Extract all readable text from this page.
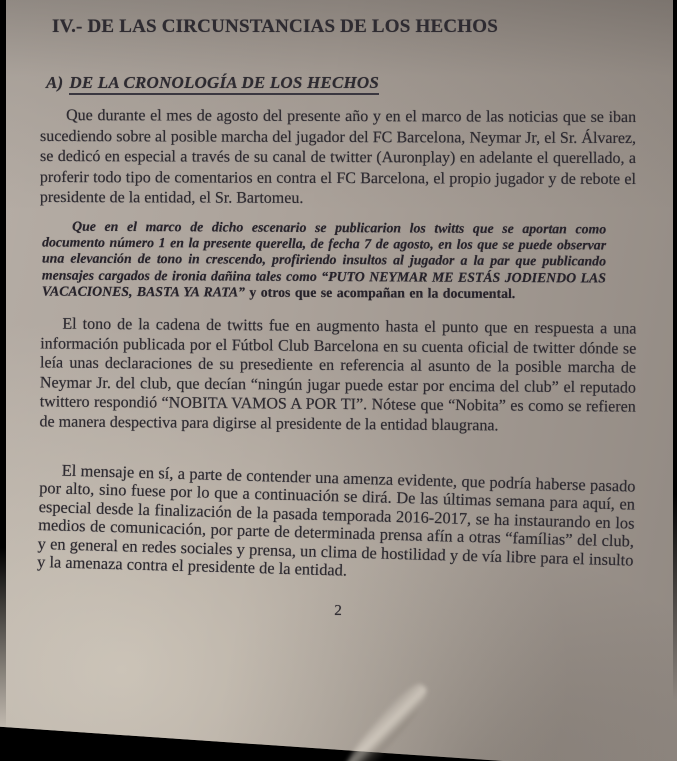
IV.- DE LAS CIRCUNSTANCIAS DE LOS HECHOS
A) DE LA CRONOLOGÍA DE LOS HECHOS

Que durante el mes de agosto del presente año y en el marco de las noticias que se iban sucediendo sobre al posible marcha del jugador del FC Barcelona, Neymar Jr, el Sr. Álvarez, se dedicó en especial a través de su canal de twitter (Auronplay) en adelante el querellado, a proferir todo tipo de comentarios en contra el FC Barcelona, el propio jugador y de rebote el presidente de la entidad, el Sr. Bartomeu.

Que en el marco de dicho escenario se publicarion los twitts que se aportan como documento número 1 en la presente querella, de fecha 7 de agosto, en los que se puede observar una elevanción de tono in crescendo, profiriendo insultos al jugador a la par que publicando mensajes cargados de ironia dañina tales como “PUTO NEYMAR ME ESTÁS JODIENDO LAS VACACIONES, BASTA YA RATA” y otros que se acompañan en la documental.

El tono de la cadena de twitts fue en augmento hasta el punto que en respuesta a una información publicada por el Fútbol Club Barcelona en su cuenta oficial de twitter dónde se leía unas declaraciones de su presediente en referencia al asunto de la posible marcha de Neymar Jr. del club, que decían “ningún jugar puede estar por encima del club” el reputado twittero respondió “NOBITA VAMOS A POR TI”. Nótese que “Nobita” es como se refieren de manera despectiva para digirse al presidente de la entidad blaugrana.

El mensaje en sí, a parte de contender una amenza evidente, que podría haberse pasado por alto, sino fuese por lo que a continuación se dirá. De las últimas semana para aquí, en especial desde la finalización de la pasada temporada 2016-2017, se ha instaurando en los medios de comunicación, por parte de determinada prensa afín a otras “famílias” del club, y en general en redes sociales y prensa, un clima de hostilidad y de vía libre para el insulto y la amenaza contra el presidente de la entidad.

2
